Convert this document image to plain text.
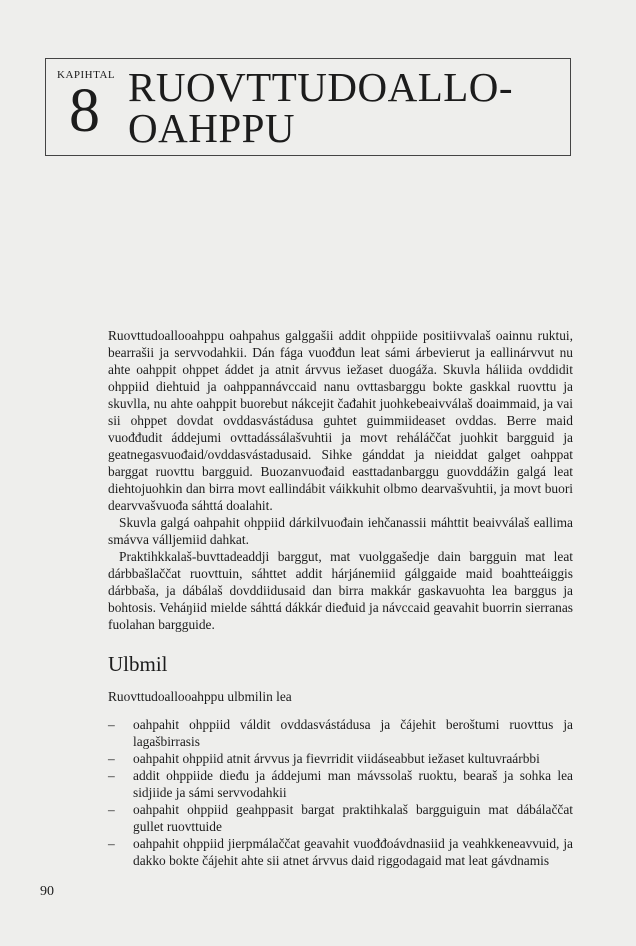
KAPIHTAL
8 RUOVTTUDOALLO-
OAHPPU

Ruovttudoallooahppu oahpahus galggašii addit ohppiide positiivvalaš oainnu ruktui, bearrašii ja servvodahkii. Dán fága vuođđun leat sámi árbevierut ja eallinárvvut nu ahte oahppit ohppet áddet ja atnit árvvus iežaset duogáža. Skuvla háliida ovddidit ohppiid diehtuid ja oahppannávccaid nanu ovttasbarggu bokte gaskkal ruovttu ja skuvlla, nu ahte oahppit buorebut nákcejit čađahit juohkebeaivválaš doaimmaid, ja vai sii ohppet dovdat ovddasvástádusa guhtet guimmiideaset ovddas. Berre maid vuođđudit áddejumi ovttadássálašvuhtii ja movt reháláččat juohkit bargguid ja geatnegasvuođaid/ovddasvástadusaid. Sihke gánddat ja nieiddat galget oahppat barggat ruovttu bargguid. Buozanvuođaid easttadanbarggu guovddážin galgá leat diehtojuohkin dan birra movt eallindábit váikkuhit olbmo dearvašvuhtii, ja movt buori dearvvašvuođa sáhttá doalahit.

Skuvla galgá oahpahit ohppiid dárkilvuođain iehčanassii máhttit beaivválaš eallima smávva válljemiid dahkat.

Praktihkkalaš-buvttadeaddji barggut, mat vuolggašedje dain bargguin mat leat dárbbašlaččat ruovttuin, sáhttet addit hárjánemiid gálggaide maid boahtteáiggis dárbbaša, ja dábálaš dovddiidusaid dan birra makkár gaskavuohta lea barggus ja bohtosis. Veháŋiid mielde sáhttá dákkár dieđuid ja návccaid geavahit buorrin sierranas fuolahan bargguide.

Ulbmil
Ruovttudoallooahppu ulbmilin lea
– oahpahit ohppiid váldit ovddasvástádusa ja čájehit beroštumi ruovttus ja lagašbirrasis
– oahpahit ohppiid atnit árvvus ja fievrridit viidáseabbut iežaset kultuvraárbbi
– addit ohppiide dieđu ja áddejumi man mávssolaš ruoktu, bearaš ja sohka lea sidjiide ja sámi servvodahkii
– oahpahit ohppiid geahppasit bargat praktihkalaš bargguiguin mat dábálaččat gullet ruovttuide
– oahpahit ohppiid jierpmálaččat geavahit vuođđoávdnasiid ja veahkkeneavvuid, ja dakko bokte čájehit ahte sii atnet árvvus daid riggodagaid mat leat gávdnamis
90
